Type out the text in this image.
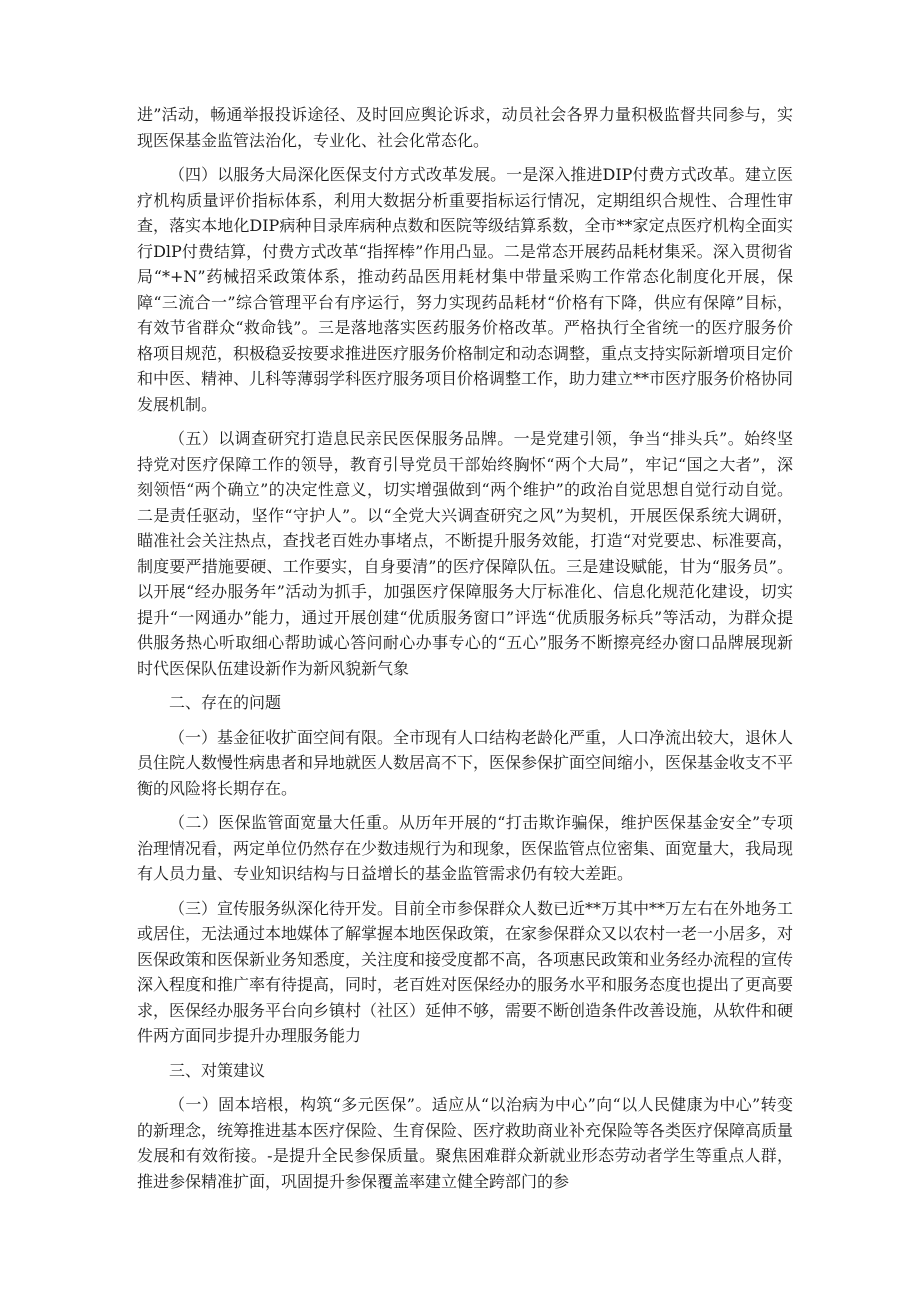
进”活动，畅通举报投诉途径、及时回应舆论诉求，动员社会各界力量积极监督共同参与，实现医保基金监管法治化，专业化、社会化常态化。

（四）以服务大局深化医保支付方式改革发展。一是深入推进DIP付费方式改革。建立医疗机构质量评价指标体系，利用大数据分析重要指标运行情况，定期组织合规性、合理性审查，落实本地化DIP病种目录库病种点数和医院等级结算系数，全市**家定点医疗机构全面实行DlP付费结算，付费方式改革“指挥棒”作用凸显。二是常态开展药品耗材集采。深入贯彻省局“*+N”药械招采政策体系，推动药品医用耗材集中带量采购工作常态化制度化开展，保障“三流合一”综合管理平台有序运行，努力实现药品耗材“价格有下降，供应有保障”目标，有效节省群众“救命钱”。三是落地落实医药服务价格改革。严格执行全省统一的医疗服务价格项目规范，积极稳妥按要求推进医疗服务价格制定和动态调整，重点支持实际新增项目定价和中医、精神、儿科等薄弱学科医疗服务项目价格调整工作，助力建立**市医疗服务价格协同发展机制。

（五）以调查研究打造息民亲民医保服务品牌。一是党建引领，争当“排头兵”。始终坚持党对医疗保障工作的领导，教育引导党员干部始终胸怀“两个大局”，牢记“国之大者”，深刻领悟“两个确立”的决定性意义，切实增强做到“两个维护”的政治自觉思想自觉行动自觉。二是责任驱动，坚作“守护人”。以“全党大兴调查研究之风”为契机，开展医保系统大调研，瞄准社会关注热点，查找老百姓办事堵点，不断提升服务效能，打造“对党要忠、标准要高，制度要严措施要硬、工作要实，自身要清”的医疗保障队伍。三是建设赋能，甘为“服务员”。以开展“经办服务年”活动为抓手，加强医疗保障服务大厅标准化、信息化规范化建设，切实提升“一网通办”能力，通过开展创建“优质服务窗口”评选“优质服务标兵”等活动，为群众提供服务热心听取细心帮助诚心答问耐心办事专心的“五心”服务不断擦亮经办窗口品牌展现新时代医保队伍建设新作为新风貌新气象

二、存在的问题

（一）基金征收扩面空间有限。全市现有人口结构老龄化严重，人口净流出较大，退休人员住院人数慢性病患者和异地就医人数居高不下，医保参保扩面空间缩小，医保基金收支不平衡的风险将长期存在。

（二）医保监管面宽量大任重。从历年开展的“打击欺诈骗保，维护医保基金安全”专项治理情况看，两定单位仍然存在少数违规行为和现象，医保监管点位密集、面宽量大，我局现有人员力量、专业知识结构与日益增长的基金监管需求仍有较大差距。

（三）宣传服务纵深化待开发。目前全市参保群众人数已近**万其中**万左右在外地务工或居住，无法通过本地媒体了解掌握本地医保政策，在家参保群众又以农村一老一小居多，对医保政策和医保新业务知悉度，关注度和接受度都不高，各项惠民政策和业务经办流程的宣传深入程度和推广率有待提高，同时，老百姓对医保经办的服务水平和服务态度也提出了更高要求，医保经办服务平台向乡镇村（社区）延伸不够，需要不断创造条件改善设施，从软件和硬件两方面同步提升办理服务能力

三、对策建议

（一）固本培根，构筑“多元医保”。适应从“以治病为中心”向“以人民健康为中心”转变的新理念，统筹推进基本医疗保险、生育保险、医疗救助商业补充保险等各类医疗保障高质量发展和有效衔接。-是提升全民参保质量。聚焦困难群众新就业形态劳动者学生等重点人群，推进参保精准扩面，巩固提升参保覆盖率建立健全跨部门的参
